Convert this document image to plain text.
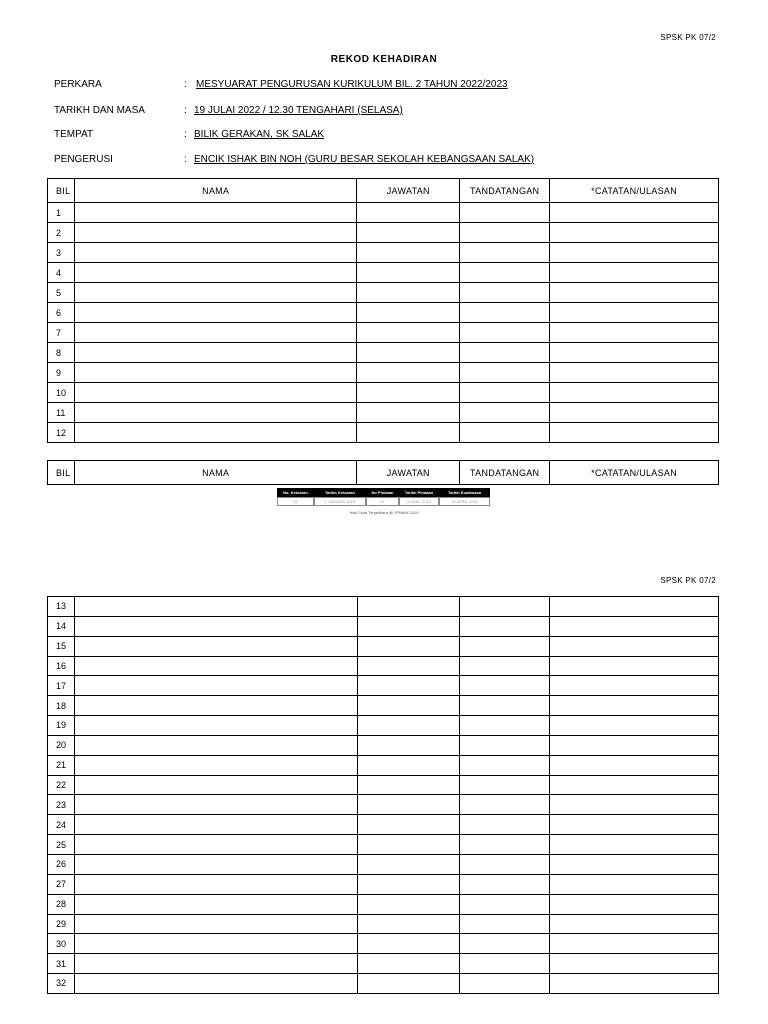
SPSK PK 07/2
REKOD KEHADIRAN
PERKARA	: MESYUARAT PENGURUSAN KURIKULUM BIL. 2 TAHUN 2022/2023
TARIKH DAN MASA	: 19 JULAI 2022 / 12.30 TENGAHARI (SELASA)
TEMPAT	: BILIK GERAKAN, SK SALAK
PENGERUSI	: ENCIK ISHAK BIN NOH (GURU BESAR SEKOLAH KEBANGSAAN SALAK)
BIL	NAMA	JAWATAN	TANDATANGAN	*CATATAN/ULASAN
1				
2				
3				
4				
5				
6				
7				
8				
9				
10				
11				
12				
BIL	NAMA	JAWATAN	TANDATANGAN	*CATATAN/ULASAN
No. Keluaran	Tarikh Keluaran	No Pindaan	Tarikh Pindaan	Tarikh Kuatkuasa
01	1 JANUARI 2019	01	11 MAC 2019	15 APRIL 2019
Hak Cipta Terpelihara @ JPNMM 2019
SPSK PK 07/2
13				
14				
15				
16				
17				
18				
19				
20				
21				
22				
23				
24				
25				
26				
27				
28				
29				
30				
31				
32				
